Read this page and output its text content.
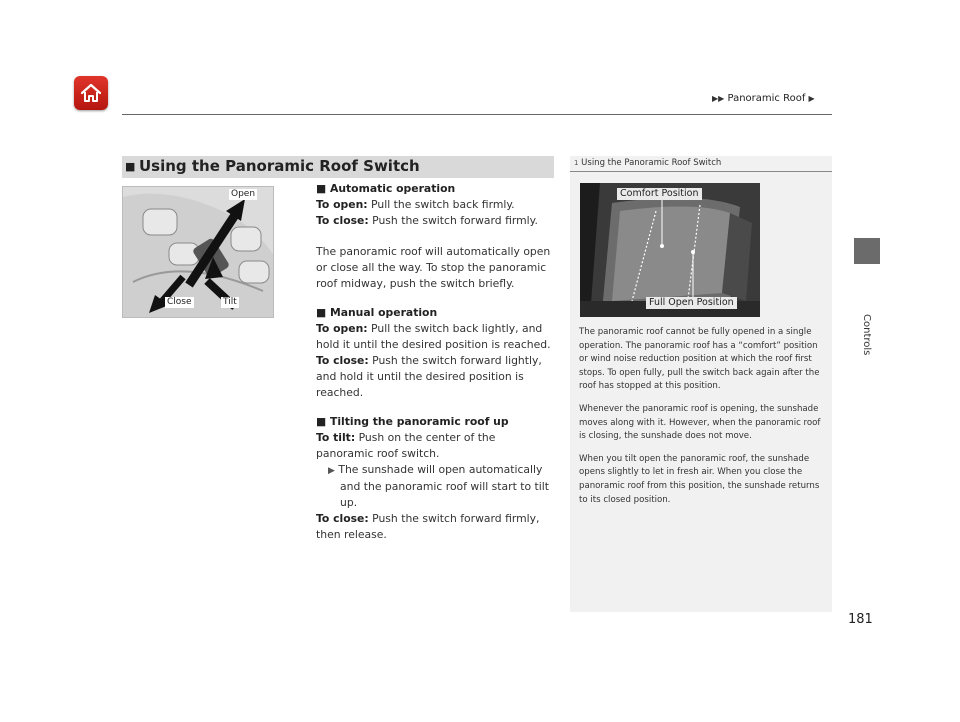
▶▶ Panoramic Roof ▶
Controls
181
■ Using the Panoramic Roof Switch
Open
Close	Tilt

■ Automatic operation

To open: Pull the switch back firmly.

To close: Push the switch forward firmly.

The panoramic roof will automatically open or close all the way. To stop the panoramic roof midway, push the switch briefly.

■ Manual operation

To open: Pull the switch back lightly, and hold it until the desired position is reached.

To close: Push the switch forward lightly, and hold it until the desired position is reached.

■ Tilting the panoramic roof up

To tilt: Push on the center of the panoramic roof switch.

▶ The sunshade will open automatically and the panoramic roof will start to tilt up.

To close: Push the switch forward firmly, then release.

1 Using the Panoramic Roof Switch
Comfort Position
Full Open Position

The panoramic roof cannot be fully opened in a single operation. The panoramic roof has a “comfort” position or wind noise reduction position at which the roof first stops. To open fully, pull the switch back again after the roof has stopped at this position.

Whenever the panoramic roof is opening, the sunshade moves along with it. However, when the panoramic roof is closing, the sunshade does not move.

When you tilt open the panoramic roof, the sunshade opens slightly to let in fresh air. When you close the panoramic roof from this position, the sunshade returns to its closed position.
